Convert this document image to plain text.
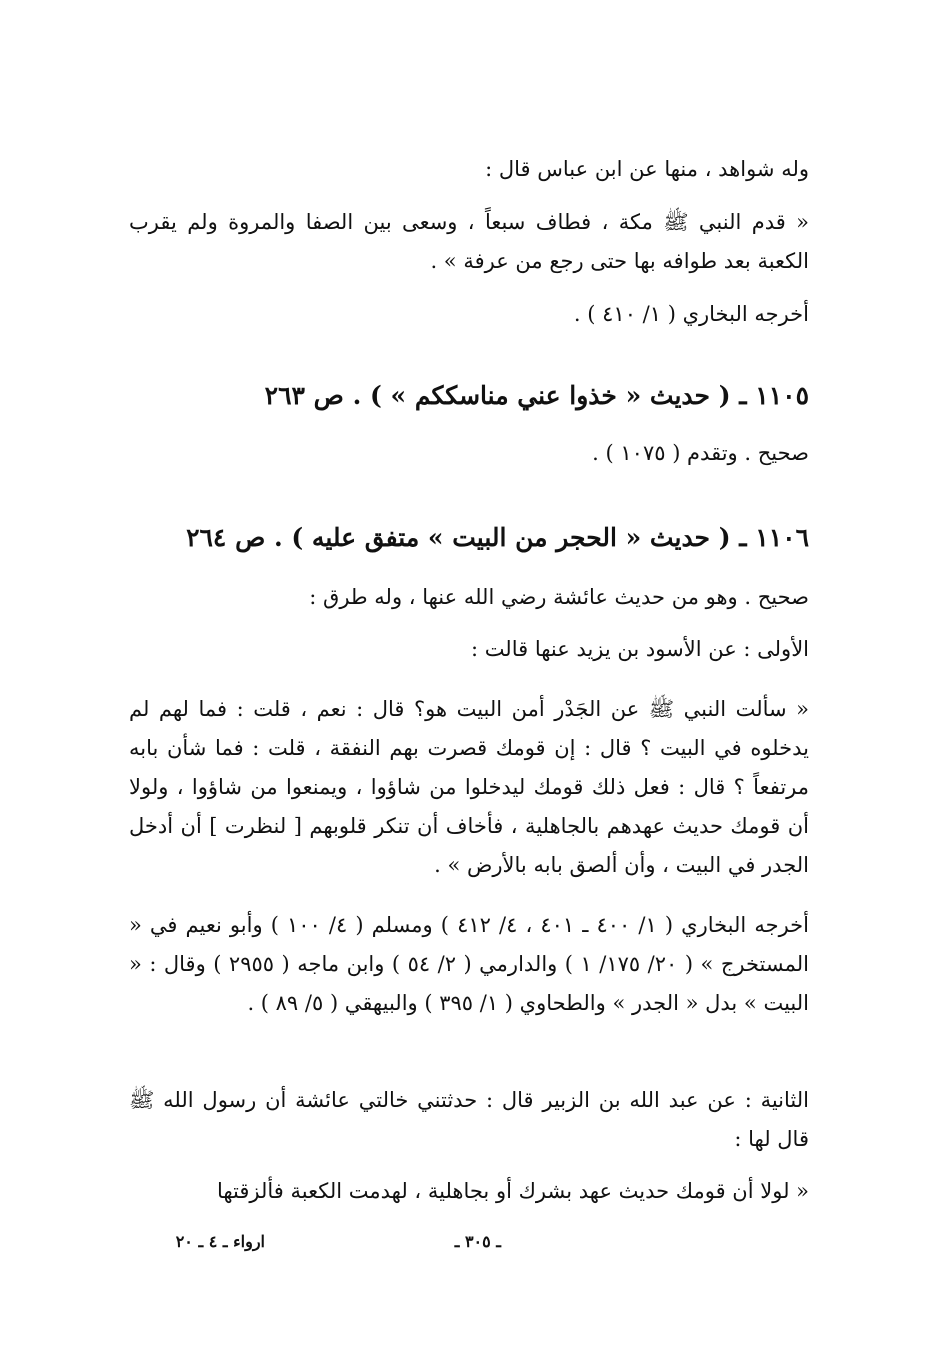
وله شواهد ، منها عن ابن عباس قال :
« قدم النبي ﷺ مكة ، فطاف سبعاً ، وسعى بين الصفا والمروة ولم يقرب الكعبة بعد طوافه بها حتى رجع من عرفة » .
أخرجه البخاري ( ١/ ٤١٠ ) .
١١٠٥ ـ ( حديث « خذوا عني مناسككم » ) . ص ٢٦٣
صحيح . وتقدم ( ١٠٧٥ ) .
١١٠٦ ـ ( حديث « الحجر من البيت » متفق عليه ) . ص ٢٦٤
صحيح . وهو من حديث عائشة رضي الله عنها ، وله طرق :
الأولى : عن الأسود بن يزيد عنها قالت :
« سألت النبي ﷺ عن الجَدْر أمن البيت هو؟ قال : نعم ، قلت : فما لهم لم يدخلوه في البيت ؟ قال : إن قومك قصرت بهم النفقة ، قلت : فما شأن بابه مرتفعاً ؟ قال : فعل ذلك قومك ليدخلوا من شاؤوا ، ويمنعوا من شاؤوا ، ولولا أن قومك حديث عهدهم بالجاهلية ، فأخاف أن تنكر قلوبهم [ لنظرت ] أن أدخل الجدر في البيت ، وأن ألصق بابه بالأرض » .
أخرجه البخاري ( ١/ ٤٠٠ ـ ٤٠١ ، ٤/ ٤١٢ ) ومسلم ( ٤/ ١٠٠ ) وأبو نعيم في « المستخرج » ( ٢٠/ ١٧٥/ ١ ) والدارمي ( ٢/ ٥٤ ) وابن ماجه ( ٢٩٥٥ ) وقال : « البيت » بدل « الجدر » والطحاوي ( ١/ ٣٩٥ ) والبيهقي ( ٥/ ٨٩ ) .
الثانية : عن عبد الله بن الزبير قال : حدثتني خالتي عائشة أن رسول الله ﷺ قال لها :
« لولا أن قومك حديث عهد بشرك أو بجاهلية ، لهدمت الكعبة فألزقتها
ـ ٣٠٥ ـ
ارواء ـ ٤ ـ ٢٠
